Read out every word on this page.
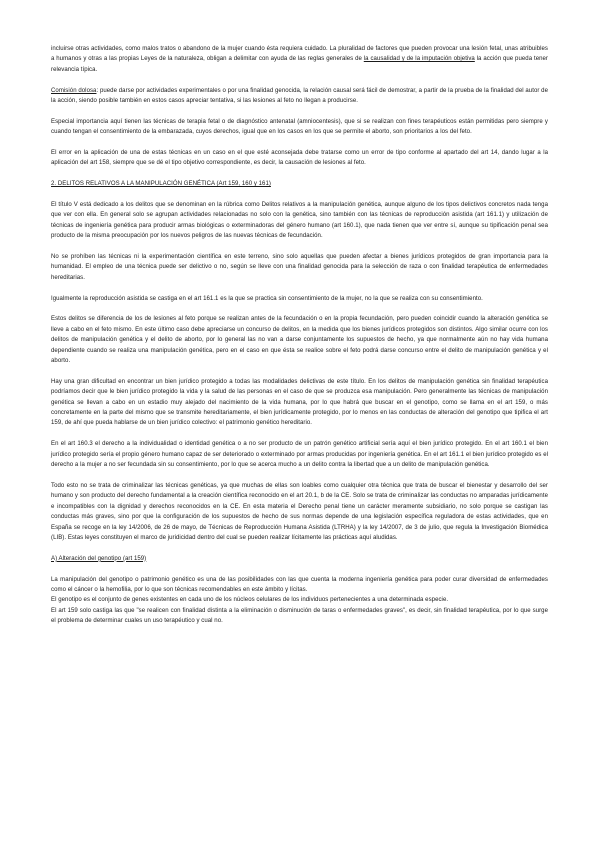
incluirse otras actividades, como malos tratos o abandono de la mujer cuando ésta requiera cuidado. La pluralidad de factores que pueden provocar una lesión fetal, unas atribuibles a humanos y otras a las propias Leyes de la naturaleza, obligan a delimitar con ayuda de las reglas generales de la causalidad y de la imputación objetiva la acción que pueda tener relevancia típica.

Comisión dolosa: puede darse por actividades experimentales o por una finalidad genocida, la relación causal será fácil de demostrar, a partir de la prueba de la finalidad del autor de la acción, siendo posible también en estos casos apreciar tentativa, si las lesiones al feto no llegan a producirse.

Especial importancia aquí tienen las técnicas de terapia fetal o de diagnóstico antenatal (amniocentesis), que si se realizan con fines terapéuticos están permitidas pero siempre y cuando tengan el consentimiento de la embarazada, cuyos derechos, igual que en los casos en los que se permite el aborto, son prioritarios a los del feto.

El error en la aplicación de una de estas técnicas en un caso en el que esté aconsejada debe tratarse como un error de tipo conforme al apartado del art 14, dando lugar a la aplicación del art 158, siempre que se dé el tipo objetivo correspondiente, es decir, la causación de lesiones al feto.

2. DELITOS RELATIVOS A LA MANIPULACIÓN GENÉTICA (Art 159, 160 y 161)

El título V está dedicado a los delitos que se denominan en la rúbrica como Delitos relativos a la manipulación genética, aunque alguno de los tipos delictivos concretos nada tenga que ver con ella. En general solo se agrupan actividades relacionadas no solo con la genética, sino también con las técnicas de reproducción asistida (art 161.1) y utilización de técnicas de ingeniería genética para producir armas biológicas o exterminadoras del género humano (art 160.1), que nada tienen que ver entre sí, aunque su tipificación penal sea producto de la misma preocupación por los nuevos peligros de las nuevas técnicas de fecundación.

No se prohíben las técnicas ni la experimentación científica en este terreno, sino solo aquellas que pueden afectar a bienes jurídicos protegidos de gran importancia para la humanidad. El empleo de una técnica puede ser delictivo o no, según se lleve con una finalidad genocida para la selección de raza o con finalidad terapéutica de enfermedades hereditarias.

Igualmente la reproducción asistida se castiga en el art 161.1 es la que se practica sin consentimiento de la mujer, no la que se realiza con su consentimiento.

Estos delitos se diferencia de los de lesiones al feto porque se realizan antes de la fecundación o en la propia fecundación, pero pueden coincidir cuando la alteración genética se lleve a cabo en el feto mismo. En este último caso debe apreciarse un concurso de delitos, en la medida que los bienes jurídicos protegidos son distintos. Algo similar ocurre con los delitos de manipulación genética y el delito de aborto, por lo general las no van a darse conjuntamente los supuestos de hecho, ya que normalmente aún no hay vida humana dependiente cuando se realiza una manipulación genética, pero en el caso en que ésta se realice sobre el feto podrá darse concurso entre el delito de manipulación genética y el aborto.

Hay una gran dificultad en encontrar un bien jurídico protegido a todas las modalidades delictivas de este título. En los delitos de manipulación genética sin finalidad terapéutica podríamos decir que le bien jurídico protegido la vida y la salud de las personas en el caso de que se produzca esa manipulación. Pero generalmente las técnicas de manipulación genética se llevan a cabo en un estadio muy alejado del nacimiento de la vida humana, por lo que habrá que buscar en el genotipo, como se llama en el art 159, o más concretamente en la parte del mismo que se transmite hereditariamente, el bien jurídicamente protegido, por lo menos en las conductas de alteración del genotipo que tipifica el art 159, de ahí que pueda hablarse de un bien jurídico colectivo: el patrimonio genético hereditario.

En el art 160.3 el derecho a la individualidad o identidad genética o a no ser producto de un patrón genético artificial sería aquí el bien jurídico protegido. En el art 160.1 el bien jurídico protegido sería el propio género humano capaz de ser deteriorado o exterminado por armas producidas por ingeniería genética. En el art 161.1 el bien jurídico protegido es el derecho a la mujer a no ser fecundada sin su consentimiento, por lo que se acerca mucho a un delito contra la libertad que a un delito de manipulación genética.

Todo esto no se trata de criminalizar las técnicas genéticas, ya que muchas de ellas son loables como cualquier otra técnica que trata de buscar el bienestar y desarrollo del ser humano y son producto del derecho fundamental a la creación científica reconocido en el art 20.1, b de la CE. Solo se trata de criminalizar las conductas no amparadas jurídicamente e incompatibles con la dignidad y derechos reconocidos en la CE. En esta materia el Derecho penal tiene un carácter meramente subsidiario, no solo porque se castigan las conductas más graves, sino por que la configuración de los supuestos de hecho de sus normas depende de una legislación específica reguladora de estas actividades, que en España se recoge en la ley 14/2006, de 26 de mayo, de Técnicas de Reproducción Humana Asistida (LTRHA) y la ley 14/2007, de 3 de julio, que regula la Investigación Biomédica (LIB). Estas leyes constituyen el marco de juridicidad dentro del cual se pueden realizar lícitamente las prácticas aquí aludidas.

A) Alteración del genotipo (art 159)

La manipulación del genotipo o patrimonio genético es una de las posibilidades con las que cuenta la moderna ingeniería genética para poder curar diversidad de enfermedades como el cáncer o la hemofilia, por lo que son técnicas recomendables en este ámbito y lícitas.

El genotipo es el conjunto de genes existentes en cada uno de los núcleos celulares de los individuos pertenecientes a una determinada especie.

El art 159 solo castiga las que "se realicen con finalidad distinta a la eliminación o disminución de taras o enfermedades graves", es decir, sin finalidad terapéutica, por lo que surge el problema de determinar cuales un uso terapéutico y cual no.
